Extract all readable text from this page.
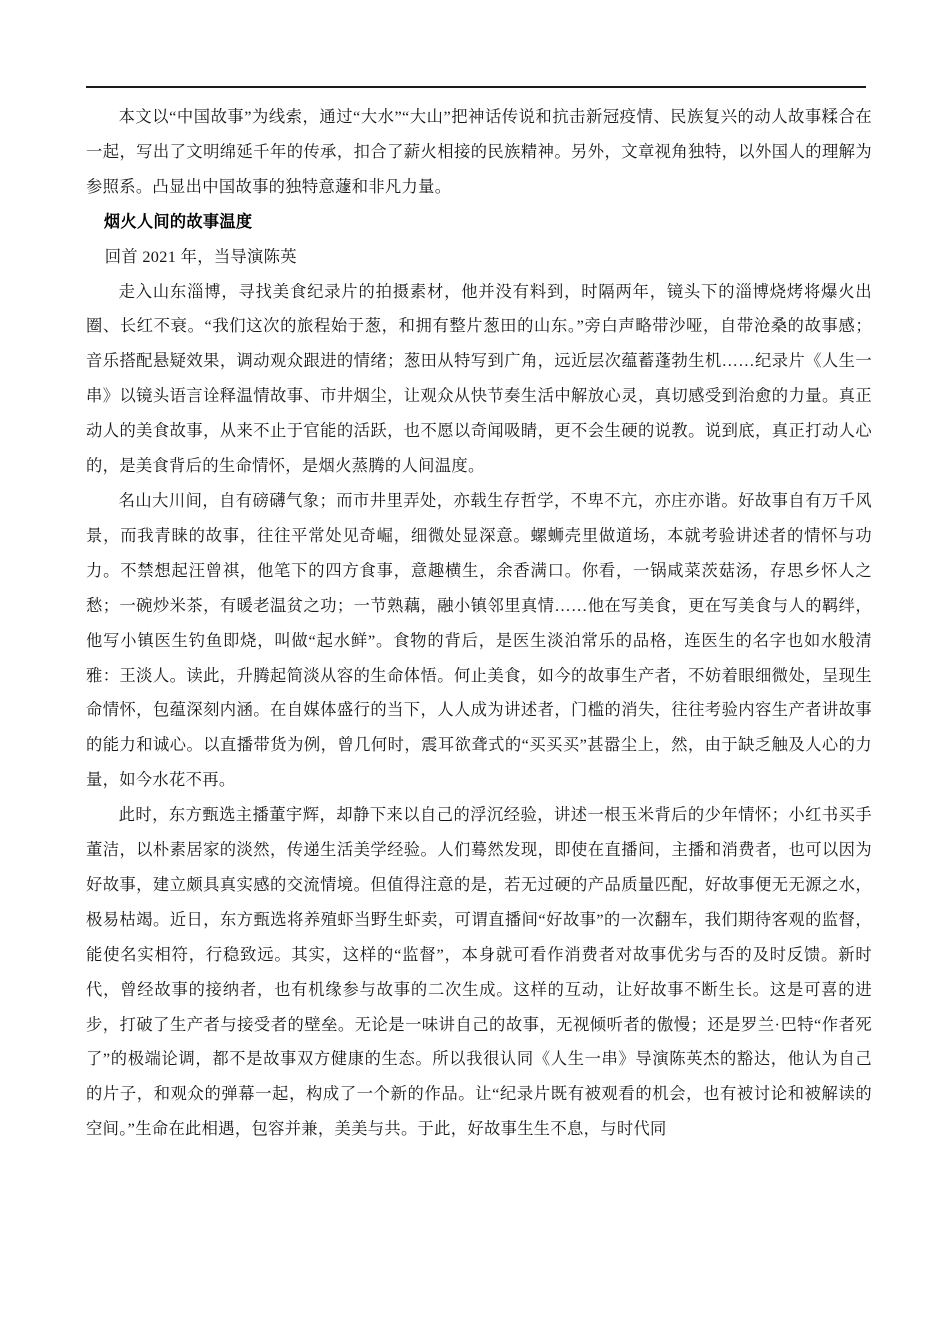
本文以“中国故事”为线索，通过“大水”“大山”把神话传说和抗击新冠疫情、民族复兴的动人故事糅合在一起，写出了文明绵延千年的传承，扣合了薪火相接的民族精神。另外，文章视角独特，以外国人的理解为参照系。凸显出中国故事的独特意蘧和非凡力量。

烟火人间的故事温度

回首 2021 年，当导演陈英

走入山东淄博，寻找美食纪录片的拍摄素材，他并没有料到，时隔两年，镜头下的淄博烧烤将爆火出圈、长红不衰。“我们这次的旅程始于葱，和拥有整片葱田的山东。”旁白声略带沙哑，自带沧桑的故事感；音乐搭配悬疑效果，调动观众跟进的情绪；葱田从特写到广角，远近层次蕴蓄蓬勃生机……纪录片《人生一串》以镜头语言诠释温情故事、市井烟尘，让观众从快节奏生活中解放心灵，真切感受到治愈的力量。真正动人的美食故事，从来不止于官能的活跃，也不愿以奇闻吸睛，更不会生硬的说教。说到底，真正打动人心的，是美食背后的生命情怀，是烟火蒸腾的人间温度。

名山大川间，自有磅礴气象；而市井里弄处，亦载生存哲学，不卑不亢，亦庄亦谐。好故事自有万千风景，而我青睐的故事，往往平常处见奇崛，细微处显深意。螺蛳壳里做道场，本就考验讲述者的情怀与功力。不禁想起汪曾祺，他笔下的四方食事，意趣横生，余香满口。你看，一锅咸菜茨菇汤，存思乡怀人之愁；一碗炒米茶，有暖老温贫之功；一节熟藕，融小镇邻里真情……他在写美食，更在写美食与人的羁绊，他写小镇医生钓鱼即烧，叫做“起水鲜”。食物的背后，是医生淡泊常乐的品格，连医生的名字也如水般清雅：王淡人。读此，升腾起简淡从容的生命体悟。何止美食，如今的故事生产者，不妨着眼细微处，呈现生命情怀，包蕴深刻内涵。在自媒体盛行的当下，人人成为讲述者，门槛的消失，往往考验内容生产者讲故事的能力和诚心。以直播带货为例，曾几何时，震耳欲聋式的“买买买”甚嚣尘上，然，由于缺乏触及人心的力量，如今水花不再。

此时，东方甄选主播董宇辉，却静下来以自己的浮沉经验，讲述一根玉米背后的少年情怀；小红书买手董洁，以朴素居家的淡然，传递生活美学经验。人们蓦然发现，即使在直播间，主播和消费者，也可以因为好故事，建立颇具真实感的交流情境。但值得注意的是，若无过硬的产品质量匹配，好故事便无无源之水，极易枯竭。近日，东方甄选将养殖虾当野生虾卖，可谓直播间“好故事”的一次翻车，我们期待客观的监督，能使名实相符，行稳致远。其实，这样的“监督”，本身就可看作消费者对故事优劣与否的及时反馈。新时代，曾经故事的接纳者，也有机缘参与故事的二次生成。这样的互动，让好故事不断生长。这是可喜的进步，打破了生产者与接受者的壁垒。无论是一味讲自己的故事，无视倾听者的傲慢；还是罗兰·巴特“作者死了”的极端论调，都不是故事双方健康的生态。所以我很认同《人生一串》导演陈英杰的豁达，他认为自己的片子，和观众的弹幕一起，构成了一个新的作品。让“纪录片既有被观看的机会，也有被讨论和被解读的空间。”生命在此相遇，包容并兼，美美与共。于此，好故事生生不息，与时代同
